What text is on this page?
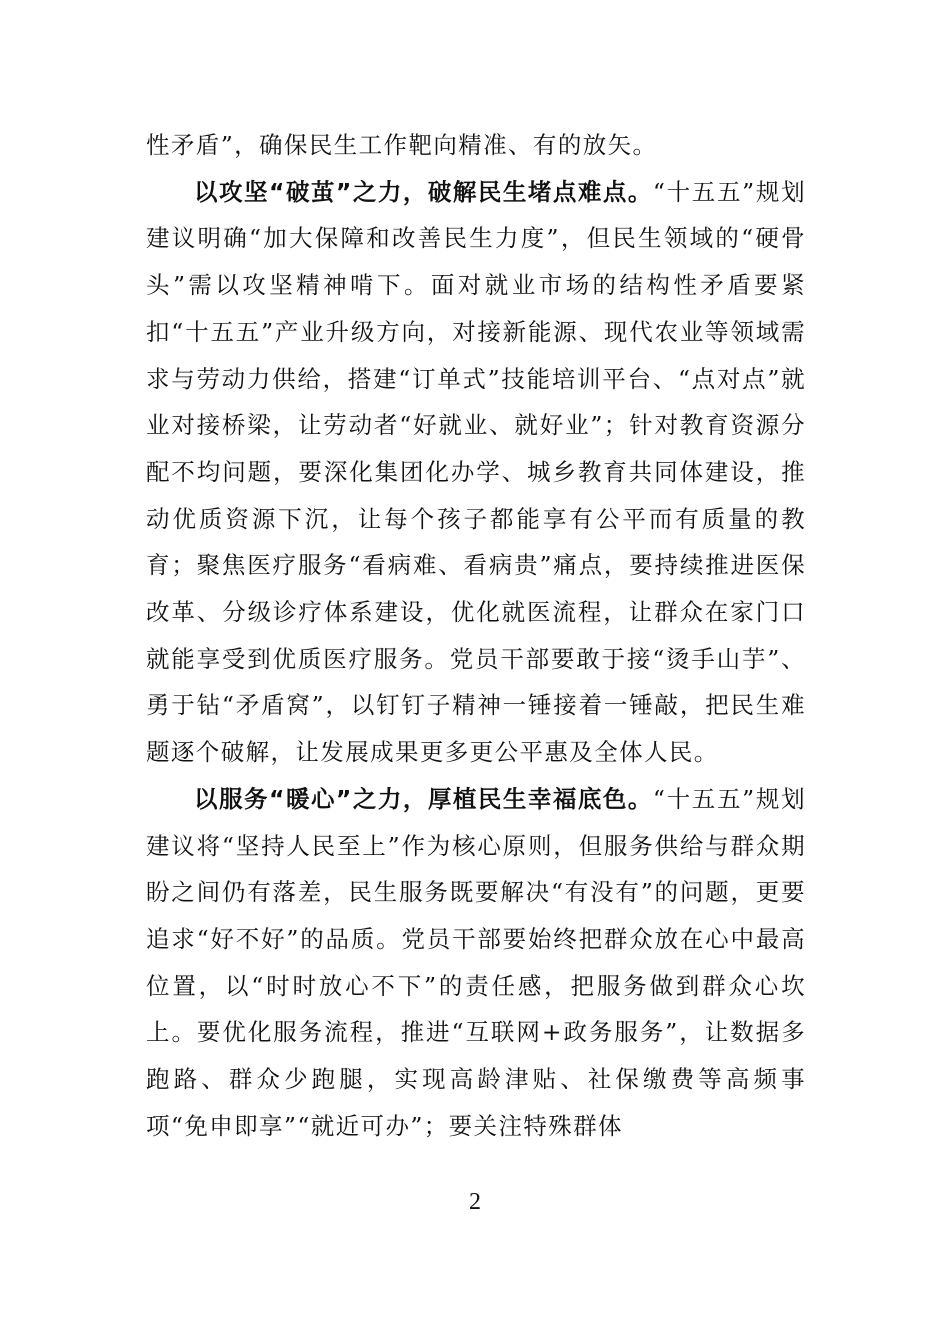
性矛盾”，确保民生工作靶向精准、有的放矢。

以攻坚“破茧”之力，破解民生堵点难点。“十五五”规划建议明确“加大保障和改善民生力度”，但民生领域的“硬骨头”需以攻坚精神啃下。面对就业市场的结构性矛盾要紧扣“十五五”产业升级方向，对接新能源、现代农业等领域需求与劳动力供给，搭建“订单式”技能培训平台、“点对点”就业对接桥梁，让劳动者“好就业、就好业”；针对教育资源分配不均问题，要深化集团化办学、城乡教育共同体建设，推动优质资源下沉，让每个孩子都能享有公平而有质量的教育；聚焦医疗服务“看病难、看病贵”痛点，要持续推进医保改革、分级诊疗体系建设，优化就医流程，让群众在家门口就能享受到优质医疗服务。党员干部要敢于接“烫手山芋”、勇于钻“矛盾窝”，以钉钉子精神一锤接着一锤敲，把民生难题逐个破解，让发展成果更多更公平惠及全体人民。

以服务“暖心”之力，厚植民生幸福底色。“十五五”规划建议将“坚持人民至上”作为核心原则，但服务供给与群众期盼之间仍有落差，民生服务既要解决“有没有”的问题，更要追求“好不好”的品质。党员干部要始终把群众放在心中最高位置，以“时时放心不下”的责任感，把服务做到群众心坎上。要优化服务流程，推进“互联网+政务服务”，让数据多跑路、群众少跑腿，实现高龄津贴、社保缴费等高频事项“免申即享”“就近可办”；要关注特殊群体

2
